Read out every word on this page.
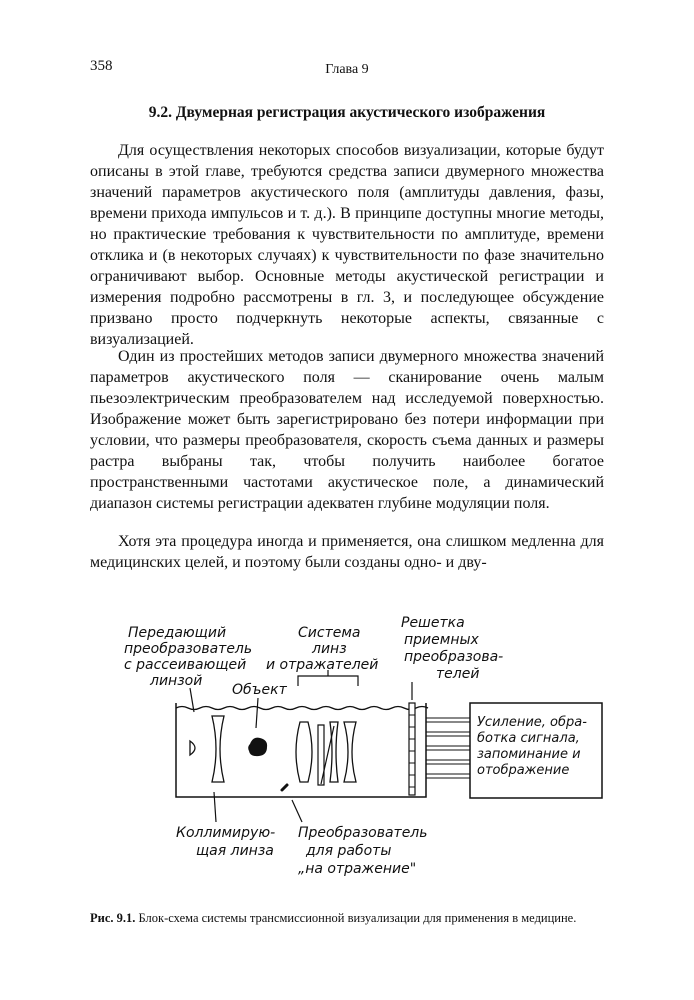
358	Глава 9
9.2. Двумерная регистрация акустического изображения

Для осуществления некоторых способов визуализации, которые будут описаны в этой главе, требуются средства записи двумерного множества значений параметров акустического поля (амплитуды давления, фазы, времени прихода импульсов и т. д.). В принципе доступны многие методы, но практические требования к чувствительности по амплитуде, времени отклика и (в некоторых случаях) к чувствительности по фазе значительно ограничивают выбор. Основные методы акустической регистрации и измерения подробно рассмотрены в гл. 3, и последующее обсуждение призвано просто подчеркнуть некоторые аспекты, связанные с визуализацией.

Один из простейших методов записи двумерного множества значений параметров акустического поля — сканирование очень малым пьезоэлектрическим преобразователем над исследуемой поверхностью. Изображение может быть зарегистрировано без потери информации при условии, что размеры преобразователя, скорость съема данных и размеры растра выбраны так, чтобы получить наиболее богатое пространственными частотами акустическое поле, а динамический диапазон системы регистрации адекватен глубине модуляции поля.

Хотя эта процедура иногда и применяется, она слишком медленна для медицинских целей, и поэтому были созданы одно- и дву-

Передающий преобразователь с рассеивающей линзой
Система линз и отражателей
Решетка приемных преобразова- телей
Объект
Усиление, обра- ботка сигнала, запоминание и отображение
Коллимирую- щая линза
Преобразователь для работы „на отражение"

Рис. 9.1. Блок-схема системы трансмиссионной визуализации для применения в медицине.
